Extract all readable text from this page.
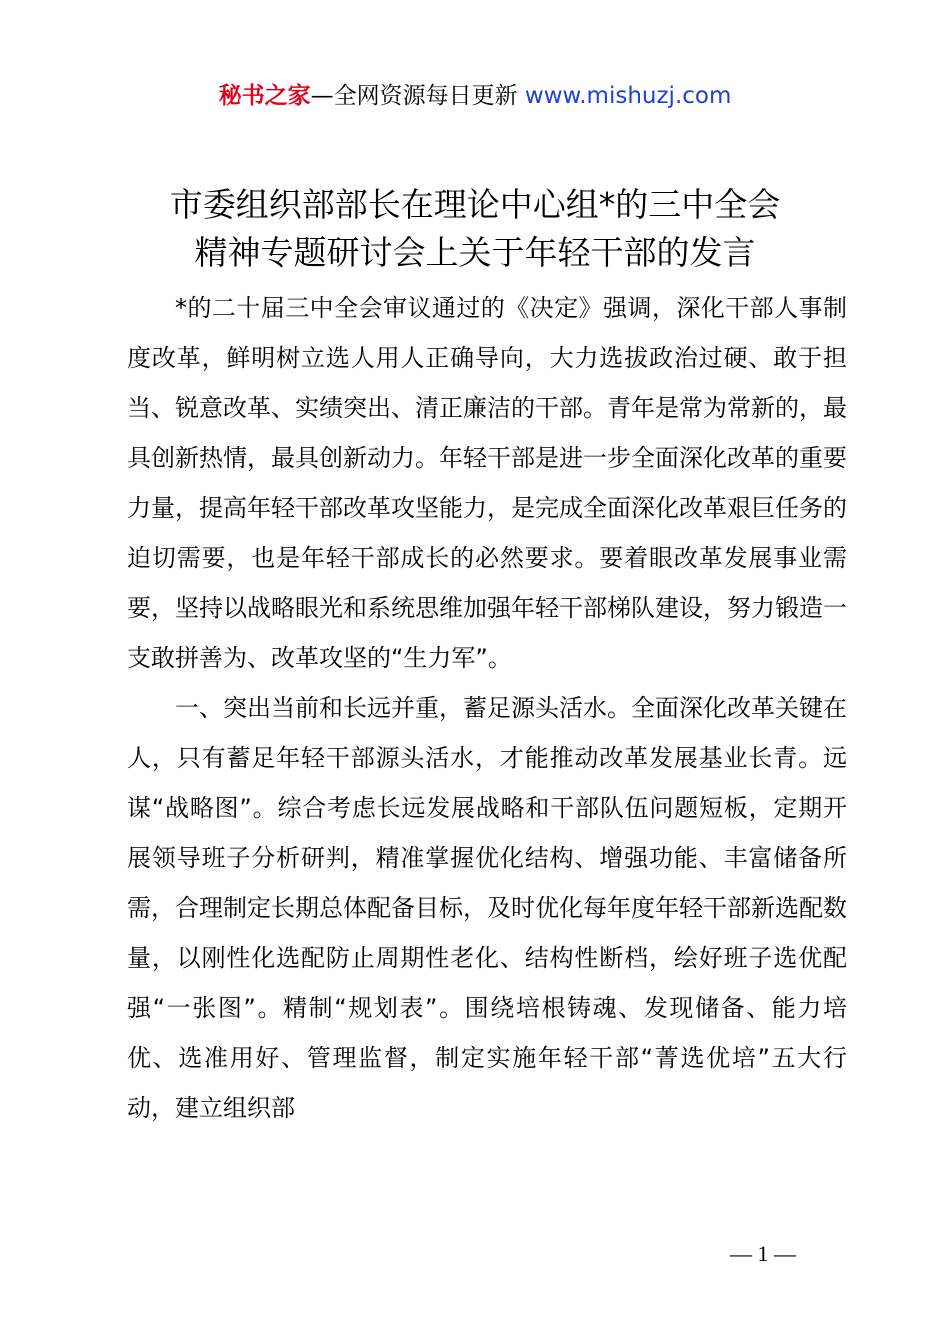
秘书之家—全网资源每日更新 www.mishuzj.com
市委组织部部长在理论中心组*的三中全会
精神专题研讨会上关于年轻干部的发言

*的二十届三中全会审议通过的《决定》强调，深化干部人事制度改革，鲜明树立选人用人正确导向，大力选拔政治过硬、敢于担当、锐意改革、实绩突出、清正廉洁的干部。青年是常为常新的，最具创新热情，最具创新动力。年轻干部是进一步全面深化改革的重要力量，提高年轻干部改革攻坚能力，是完成全面深化改革艰巨任务的迫切需要，也是年轻干部成长的必然要求。要着眼改革发展事业需要，坚持以战略眼光和系统思维加强年轻干部梯队建设，努力锻造一支敢拼善为、改革攻坚的“生力军”。

一、突出当前和长远并重，蓄足源头活水。全面深化改革关键在人，只有蓄足年轻干部源头活水，才能推动改革发展基业长青。远谋“战略图”。综合考虑长远发展战略和干部队伍问题短板，定期开展领导班子分析研判，精准掌握优化结构、增强功能、丰富储备所需，合理制定长期总体配备目标，及时优化每年度年轻干部新选配数量，以刚性化选配防止周期性老化、结构性断档，绘好班子选优配强“一张图”。精制“规划表”。围绕培根铸魂、发现储备、能力培优、选准用好、管理监督，制定实施年轻干部“菁选优培”五大行动，建立组织部

— 1 —
